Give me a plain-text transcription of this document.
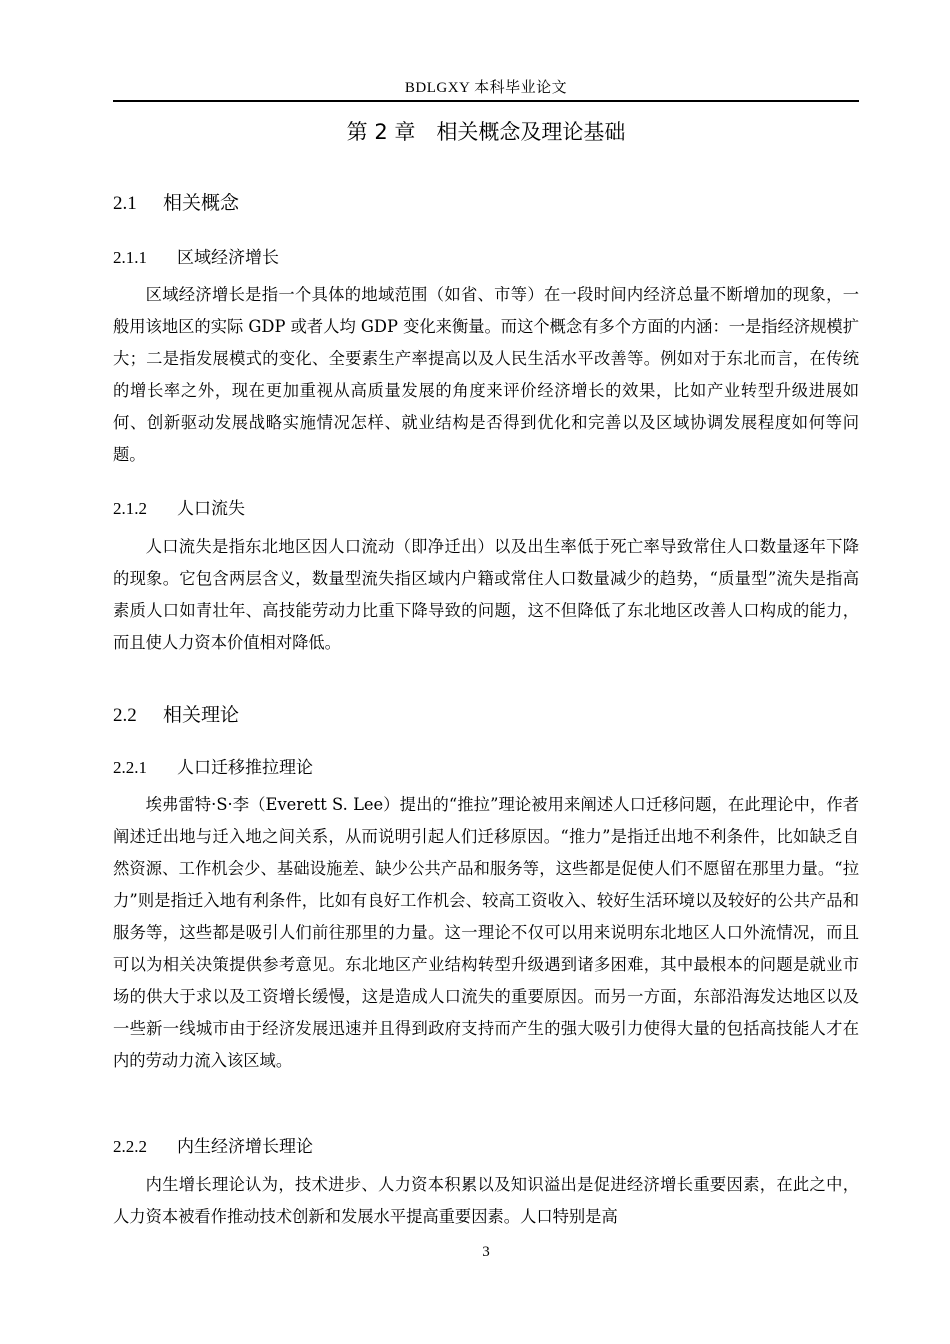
BDLGXY 本科毕业论文
第 2 章　相关概念及理论基础
2.1 相关概念
2.1.1 区域经济增长

区域经济增长是指一个具体的地域范围（如省、市等）在一段时间内经济总量不断增加的现象，一般用该地区的实际 GDP 或者人均 GDP 变化来衡量。而这个概念有多个方面的内涵：一是指经济规模扩大；二是指发展模式的变化、全要素生产率提高以及人民生活水平改善等。例如对于东北而言，在传统的增长率之外，现在更加重视从高质量发展的角度来评价经济增长的效果，比如产业转型升级进展如何、创新驱动发展战略实施情况怎样、就业结构是否得到优化和完善以及区域协调发展程度如何等问题。

2.1.2 人口流失

人口流失是指东北地区因人口流动（即净迁出）以及出生率低于死亡率导致常住人口数量逐年下降的现象。它包含两层含义，数量型流失指区域内户籍或常住人口数量减少的趋势，“质量型”流失是指高素质人口如青壮年、高技能劳动力比重下降导致的问题，这不但降低了东北地区改善人口构成的能力，而且使人力资本价值相对降低。

2.2 相关理论
2.2.1 人口迁移推拉理论

埃弗雷特·S·李（Everett S. Lee）提出的“推拉”理论被用来阐述人口迁移问题，在此理论中，作者阐述迁出地与迁入地之间关系，从而说明引起人们迁移原因。“推力”是指迁出地不利条件，比如缺乏自然资源、工作机会少、基础设施差、缺少公共产品和服务等，这些都是促使人们不愿留在那里力量。“拉力”则是指迁入地有利条件，比如有良好工作机会、较高工资收入、较好生活环境以及较好的公共产品和服务等，这些都是吸引人们前往那里的力量。这一理论不仅可以用来说明东北地区人口外流情况，而且可以为相关决策提供参考意见。东北地区产业结构转型升级遇到诸多困难，其中最根本的问题是就业市场的供大于求以及工资增长缓慢，这是造成人口流失的重要原因。而另一方面，东部沿海发达地区以及一些新一线城市由于经济发展迅速并且得到政府支持而产生的强大吸引力使得大量的包括高技能人才在内的劳动力流入该区域。

2.2.2 内生经济增长理论

内生增长理论认为，技术进步、人力资本积累以及知识溢出是促进经济增长重要因素，在此之中，人力资本被看作推动技术创新和发展水平提高重要因素。人口特别是高

3
